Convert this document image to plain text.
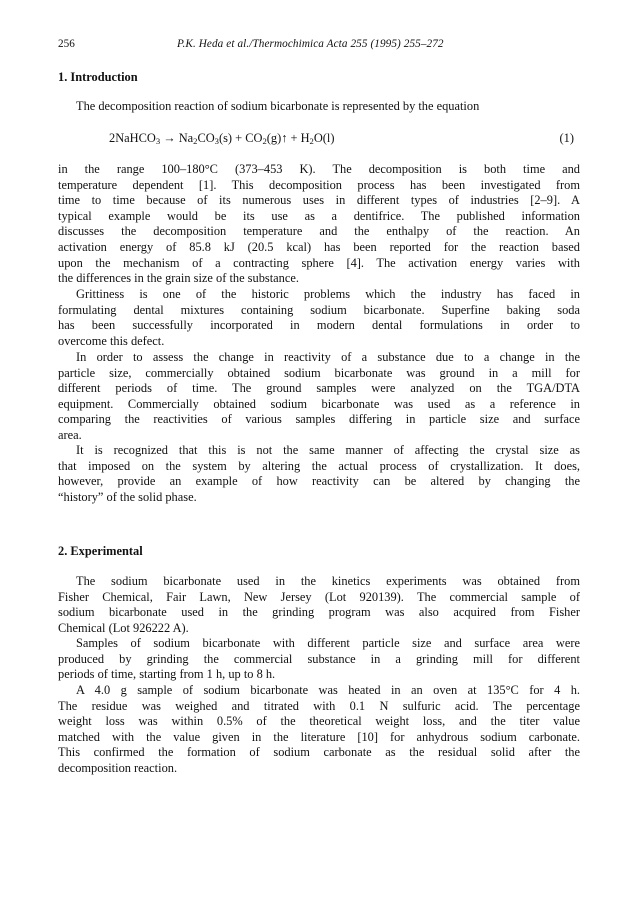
256	P.K. Heda et al./Thermochimica Acta 255 (1995) 255–272
1. Introduction
The decomposition reaction of sodium bicarbonate is represented by the equation
2NaHCO$_3$ → $Na_2CO_3(s)$ + $CO_2(g)↑ + H_2O(l)$	(1)
in the range 100–180°C (373–453 K). The decomposition is both time and
temperature dependent [1]. This decomposition process has been investigated from
time to time because of its numerous uses in different types of industries [2–9]. A
typical example would be its use as a dentifrice. The published information
discusses the decomposition temperature and the enthalpy of the reaction. An
activation energy of 85.8 kJ (20.5 kcal) has been reported for the reaction based
upon the mechanism of a contracting sphere [4]. The activation energy varies with
the differences in the grain size of the substance.
Grittiness is one of the historic problems which the industry has faced in
formulating dental mixtures containing sodium bicarbonate. Superfine baking soda
has been successfully incorporated in modern dental formulations in order to
overcome this defect.
In order to assess the change in reactivity of a substance due to a change in the
particle size, commercially obtained sodium bicarbonate was ground in a mill for
different periods of time. The ground samples were analyzed on the TGA/DTA
equipment. Commercially obtained sodium bicarbonate was used as a reference in
comparing the reactivities of various samples differing in particle size and surface
area.
It is recognized that this is not the same manner of affecting the crystal size as
that imposed on the system by altering the actual process of crystallization. It does,
however, provide an example of how reactivity can be altered by changing the
“history” of the solid phase.
2. Experimental
The sodium bicarbonate used in the kinetics experiments was obtained from
Fisher Chemical, Fair Lawn, New Jersey (Lot 920139). The commercial sample of
sodium bicarbonate used in the grinding program was also acquired from Fisher
Chemical (Lot 926222 A).
Samples of sodium bicarbonate with different particle size and surface area were
produced by grinding the commercial substance in a grinding mill for different
periods of time, starting from 1 h, up to 8 h.
A 4.0 g sample of sodium bicarbonate was heated in an oven at 135°C for 4 h.
The residue was weighed and titrated with 0.1 N sulfuric acid. The percentage
weight loss was within 0.5% of the theoretical weight loss, and the titer value
matched with the value given in the literature [10] for anhydrous sodium carbonate.
This confirmed the formation of sodium carbonate as the residual solid after the
decomposition reaction.
